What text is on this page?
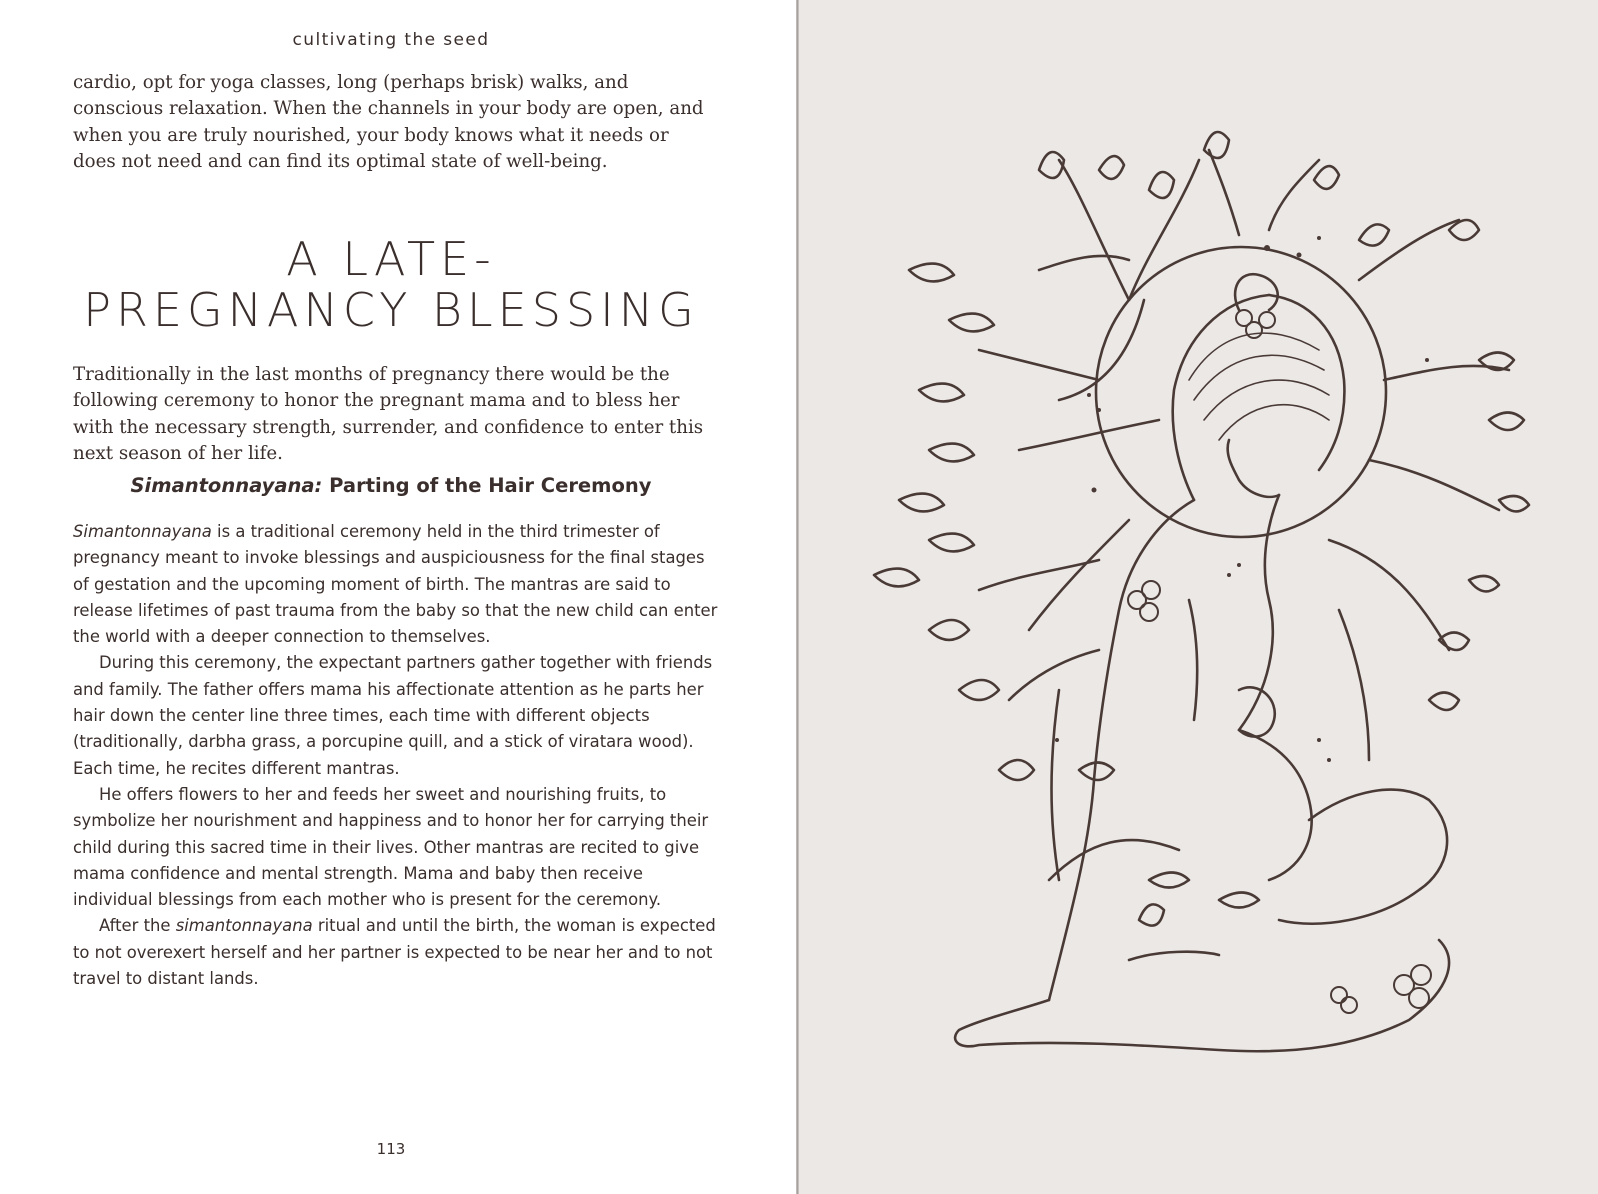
cultivating the seed

cardio, opt for yoga classes, long (perhaps brisk) walks, and conscious relaxation. When the channels in your body are open, and when you are truly nourished, your body knows what it needs or does not need and can find its optimal state of well-being.

A LATE-
PREGNANCY BLESSING

Traditionally in the last months of pregnancy there would be the following ceremony to honor the pregnant mama and to bless her with the necessary strength, surrender, and confidence to enter this next season of her life.

Simantonnayana: Parting of the Hair Ceremony

Simantonnayana is a traditional ceremony held in the third trimester of pregnancy meant to invoke blessings and auspiciousness for the final stages of gestation and the upcoming moment of birth. The mantras are said to release lifetimes of past trauma from the baby so that the new child can enter the world with a deeper connection to themselves.

During this ceremony, the expectant partners gather together with friends and family. The father offers mama his affectionate attention as he parts her hair down the center line three times, each time with different objects (traditionally, darbha grass, a porcupine quill, and a stick of viratara wood). Each time, he recites different mantras.

He offers flowers to her and feeds her sweet and nourishing fruits, to symbolize her nourishment and happiness and to honor her for carrying their child during this sacred time in their lives. Other mantras are recited to give mama confidence and mental strength. Mama and baby then receive individual blessings from each mother who is present for the ceremony.

After the simantonnayana ritual and until the birth, the woman is expected to not overexert herself and her partner is expected to be near her and to not travel to distant lands.

113
